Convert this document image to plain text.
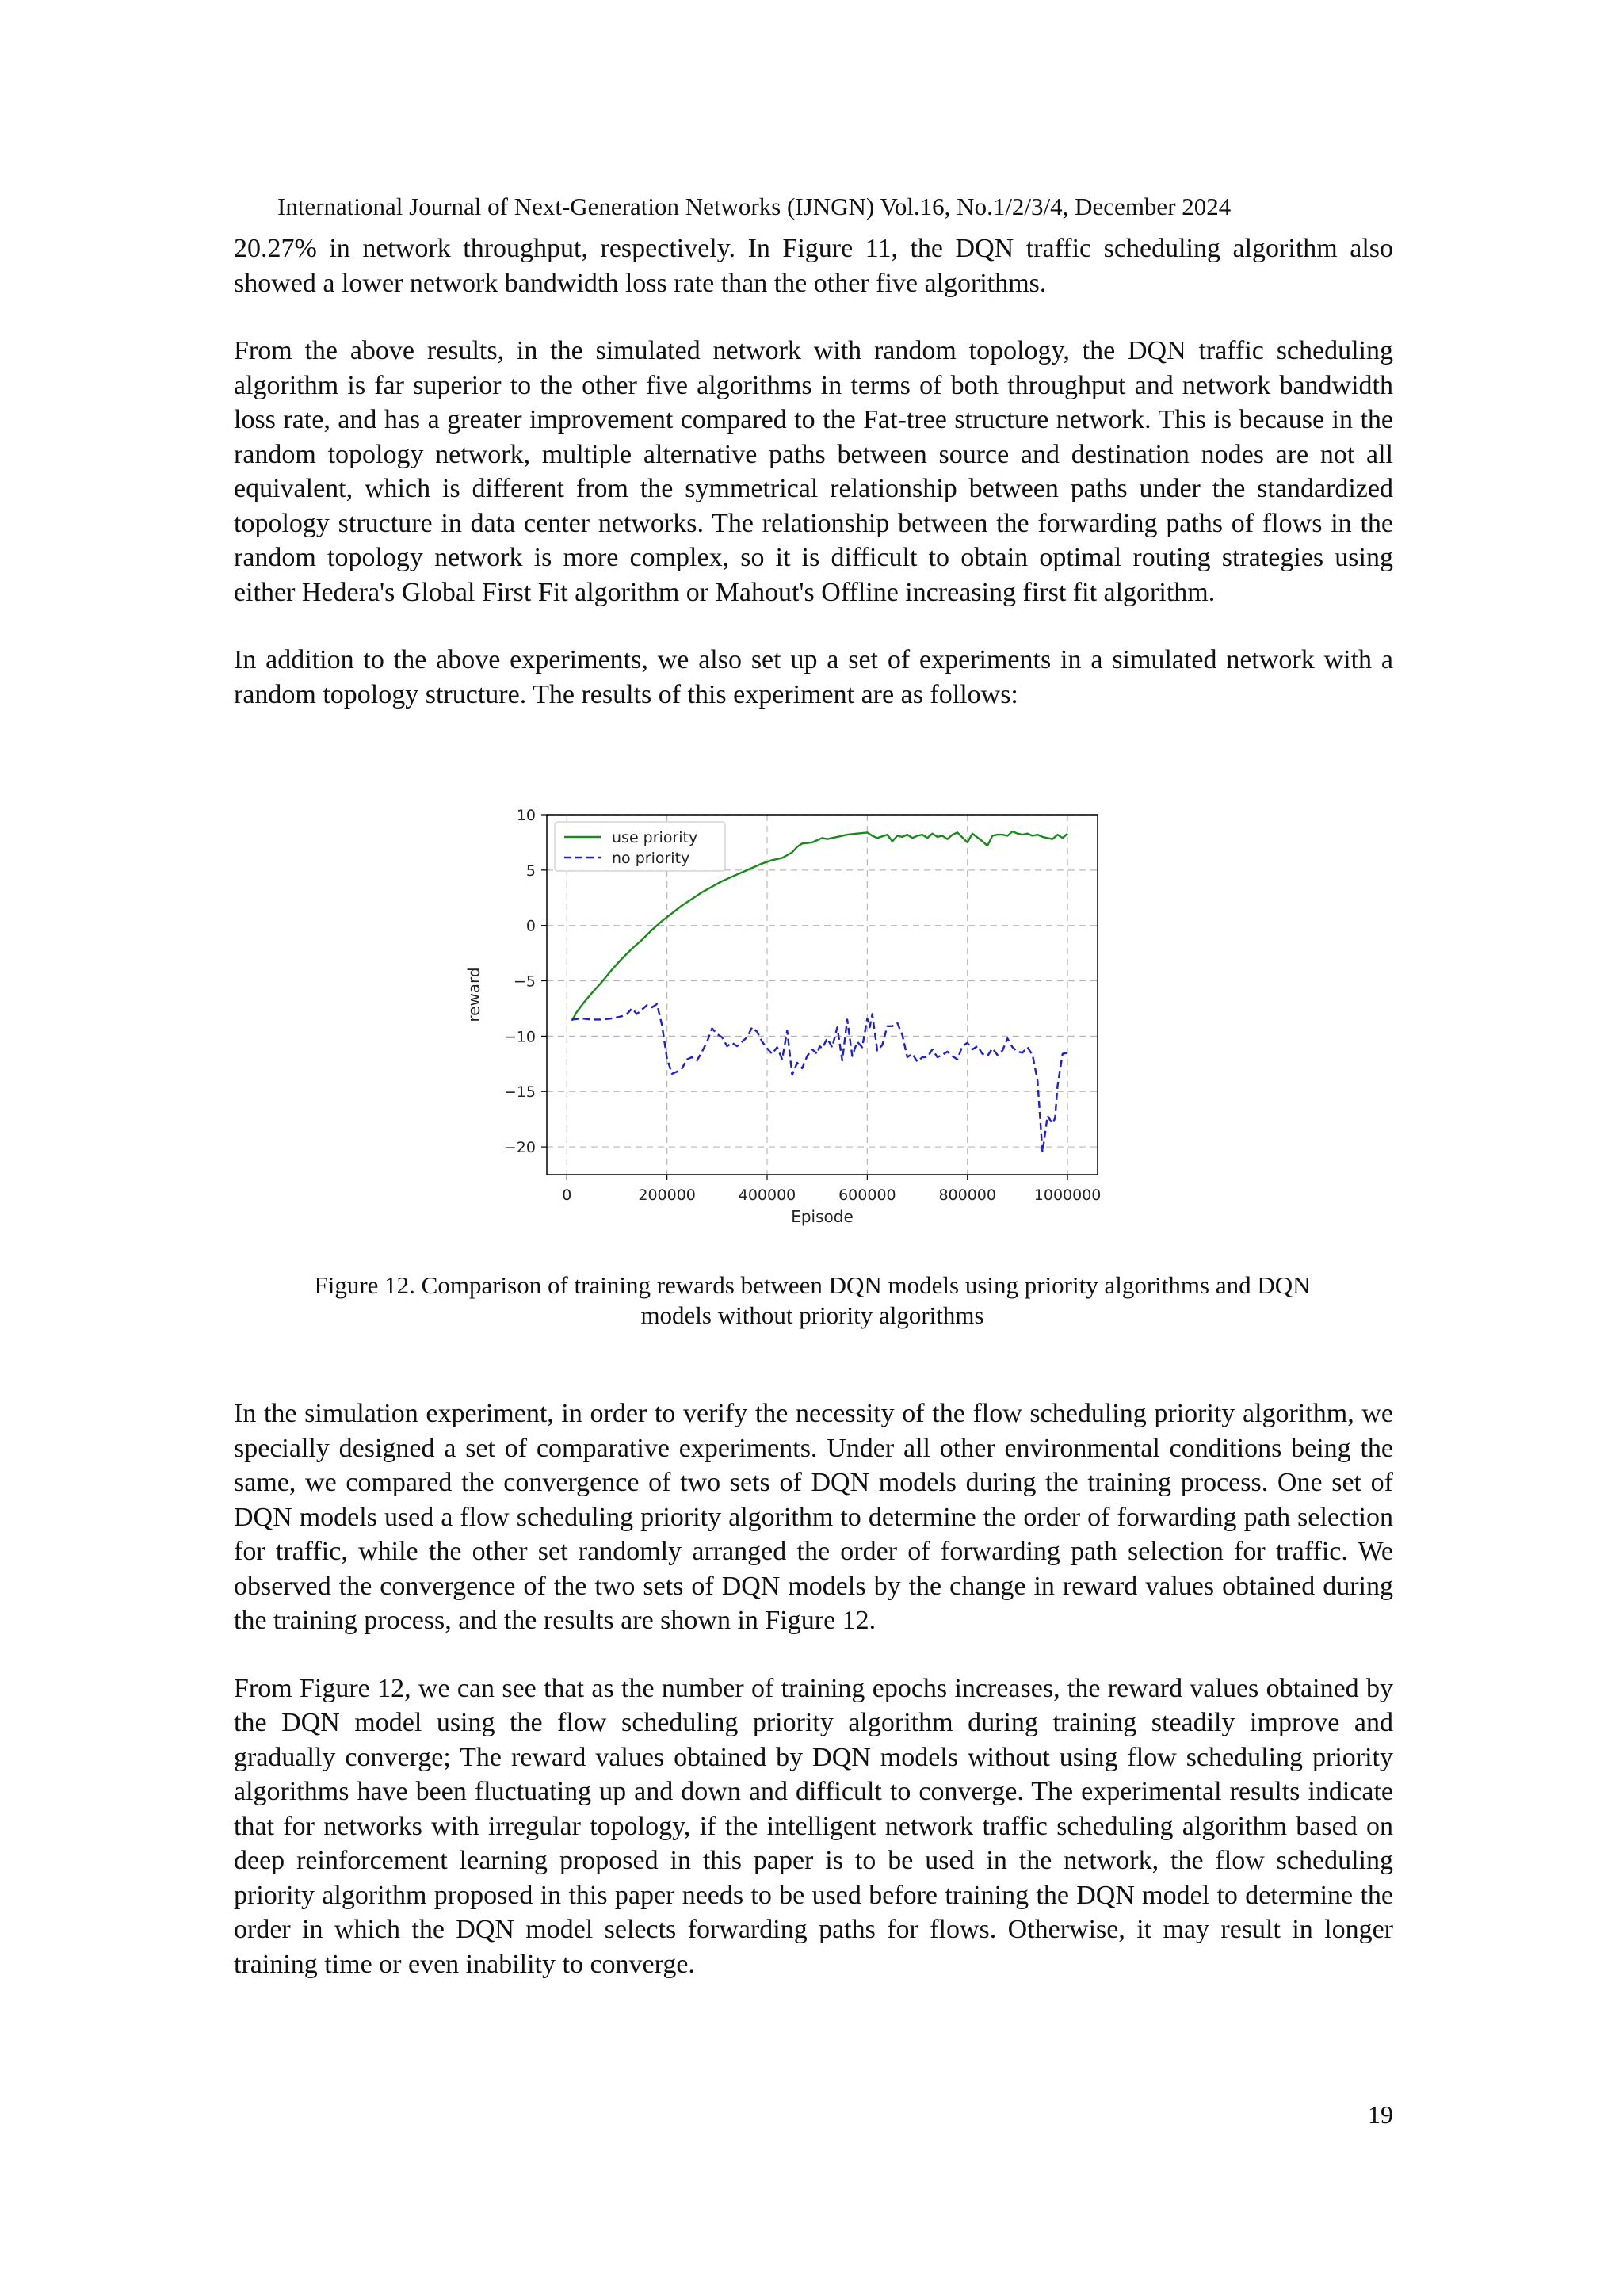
International Journal of Next-Generation Networks (IJNGN) Vol.16, No.1/2/3/4, December 2024

20.27% in network throughput, respectively. In Figure 11, the DQN traffic scheduling algorithm also showed a lower network bandwidth loss rate than the other five algorithms.

From the above results, in the simulated network with random topology, the DQN traffic scheduling algorithm is far superior to the other five algorithms in terms of both throughput and network bandwidth loss rate, and has a greater improvement compared to the Fat-tree structure network. This is because in the random topology network, multiple alternative paths between source and destination nodes are not all equivalent, which is different from the symmetrical relationship between paths under the standardized topology structure in data center networks. The relationship between the forwarding paths of flows in the random topology network is more complex, so it is difficult to obtain optimal routing strategies using either Hedera's Global First Fit algorithm or Mahout's Offline increasing first fit algorithm.

In addition to the above experiments, we also set up a set of experiments in a simulated network with a random topology structure. The results of this experiment are as follows:

0	200000	400000	600000	800000	1000000
10
5
0
−5
−10
−15
−20
use priority
no priority
Episode
reward
Figure 12. Comparison of training rewards between DQN models using priority algorithms and DQN
models without priority algorithms

In the simulation experiment, in order to verify the necessity of the flow scheduling priority algorithm, we specially designed a set of comparative experiments. Under all other environmental conditions being the same, we compared the convergence of two sets of DQN models during the training process. One set of DQN models used a flow scheduling priority algorithm to determine the order of forwarding path selection for traffic, while the other set randomly arranged the order of forwarding path selection for traffic. We observed the convergence of the two sets of DQN models by the change in reward values obtained during the training process, and the results are shown in Figure 12.

From Figure 12, we can see that as the number of training epochs increases, the reward values obtained by the DQN model using the flow scheduling priority algorithm during training steadily improve and gradually converge; The reward values obtained by DQN models without using flow scheduling priority algorithms have been fluctuating up and down and difficult to converge. The experimental results indicate that for networks with irregular topology, if the intelligent network traffic scheduling algorithm based on deep reinforcement learning proposed in this paper is to be used in the network, the flow scheduling priority algorithm proposed in this paper needs to be used before training the DQN model to determine the order in which the DQN model selects forwarding paths for flows. Otherwise, it may result in longer training time or even inability to converge.

19
